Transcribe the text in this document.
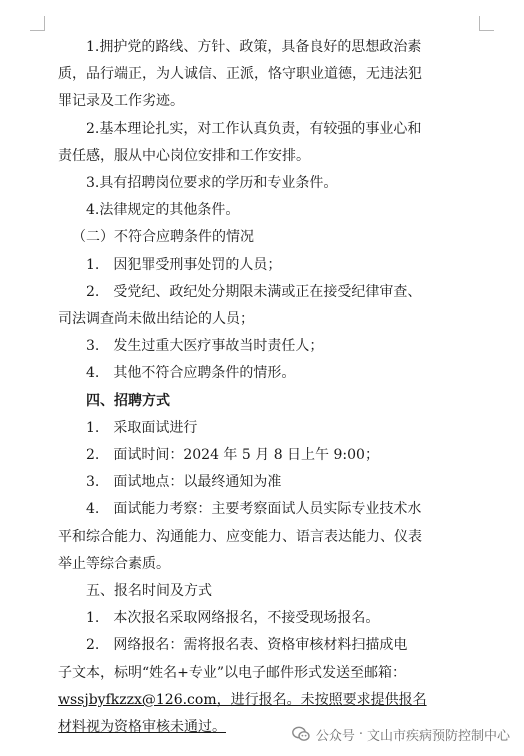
1.拥护党的路线、方针、政策，具备良好的思想政治素

质，品行端正，为人诚信、正派，恪守职业道德，无违法犯

罪记录及工作劣迹。

2.基本理论扎实，对工作认真负责，有较强的事业心和

责任感，服从中心岗位安排和工作安排。

3.具有招聘岗位要求的学历和专业条件。

4.法律规定的其他条件。

（二）不符合应聘条件的情况

1.　因犯罪受刑事处罚的人员；

2.　受党纪、政纪处分期限未满或正在接受纪律审查、

司法调查尚未做出结论的人员；

3.　发生过重大医疗事故当时责任人；

4.　其他不符合应聘条件的情形。

四、招聘方式

1.　采取面试进行

2.　面试时间：2024 年 5 月 8 日上午 9:00；

3.　面试地点：以最终通知为准

4.　面试能力考察：主要考察面试人员实际专业技术水

平和综合能力、沟通能力、应变能力、语言表达能力、仪表

举止等综合素质。

五、报名时间及方式

1.　本次报名采取网络报名，不接受现场报名。

2.　网络报名：需将报名表、资格审核材料扫描成电

子文本，标明“姓名+专业”以电子邮件形式发送至邮箱：

wssjbyfkzzx@126.com，进行报名。未按照要求提供报名

材料视为资格审核未通过。

公众号 · 文山市疾病预防控制中心
